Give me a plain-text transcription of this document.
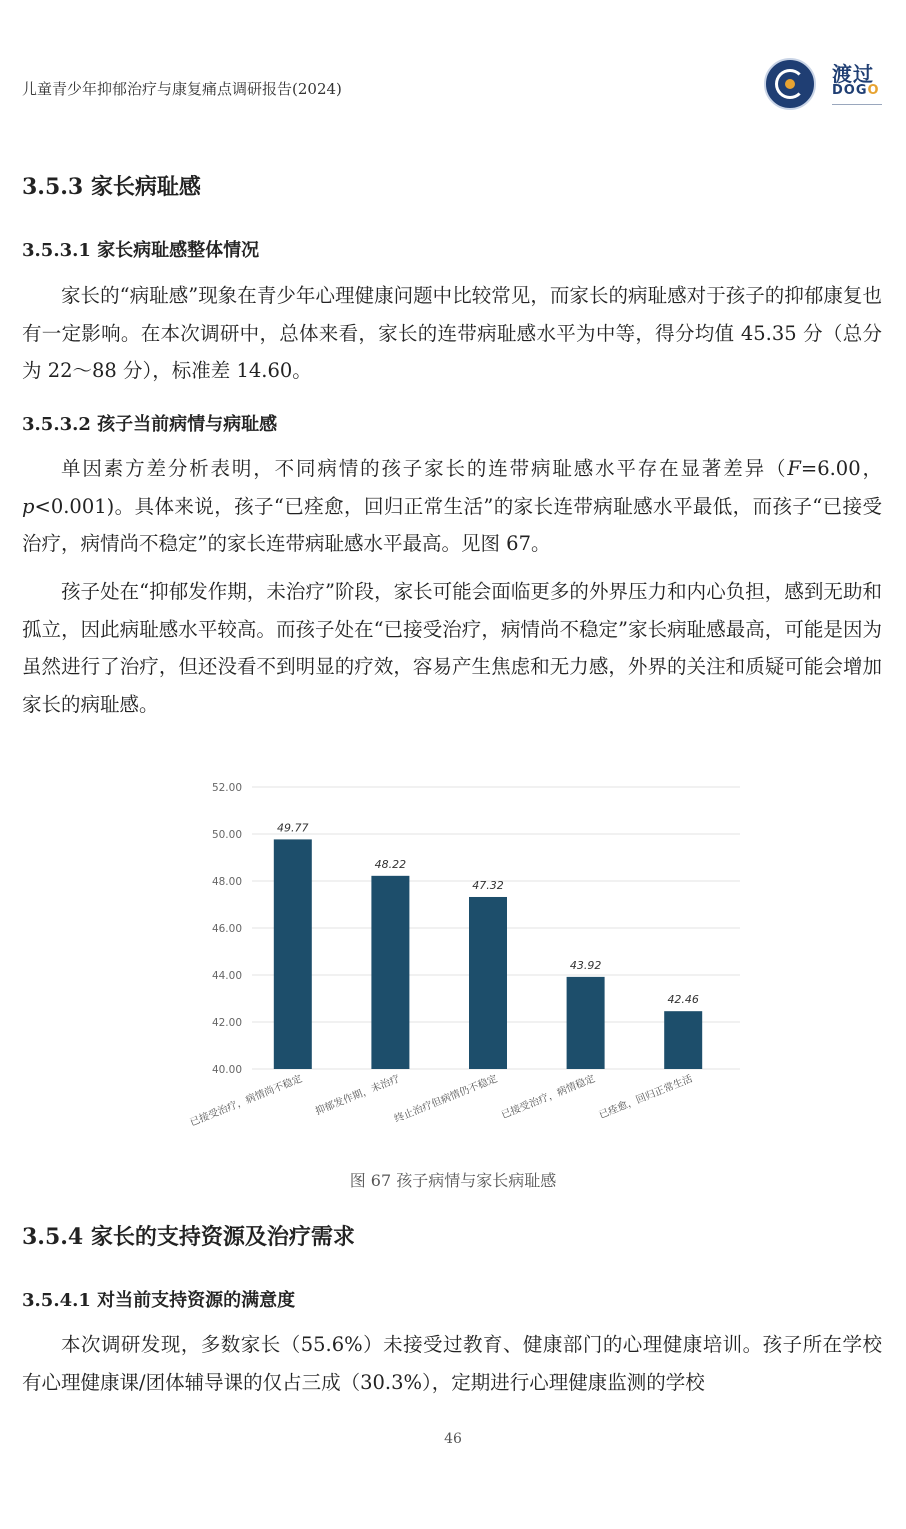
儿童青少年抑郁治疗与康复痛点调研报告(2024)
渡过
DOGO
3.5.3 家长病耻感
3.5.3.1 家长病耻感整体情况

家长的“病耻感”现象在青少年心理健康问题中比较常见，而家长的病耻感对于孩子的抑郁康复也有一定影响。在本次调研中，总体来看，家长的连带病耻感水平为中等，得分均值 45.35 分（总分为 22～88 分），标准差 14.60。

3.5.3.2 孩子当前病情与病耻感

单因素方差分析表明，不同病情的孩子家长的连带病耻感水平存在显著差异（F=6.00，p<0.001)。具体来说，孩子“已痊愈，回归正常生活”的家长连带病耻感水平最低，而孩子“已接受治疗，病情尚不稳定”的家长连带病耻感水平最高。见图 67。

孩子处在“抑郁发作期，未治疗”阶段，家长可能会面临更多的外界压力和内心负担，感到无助和孤立，因此病耻感水平较高。而孩子处在“已接受治疗，病情尚不稳定”家长病耻感最高，可能是因为虽然进行了治疗，但还没看不到明显的疗效，容易产生焦虑和无力感，外界的关注和质疑可能会增加家长的病耻感。

40.00
42.00
44.00
46.00
48.00
50.00
52.00
49.77
已接受治疗，病情尚不稳定
48.22
抑郁发作期，未治疗
47.32
终止治疗但病情仍不稳定
43.92
已接受治疗，病情稳定
42.46
已痊愈，回归正常生活
图 67 孩子病情与家长病耻感
3.5.4 家长的支持资源及治疗需求
3.5.4.1 对当前支持资源的满意度

本次调研发现，多数家长（55.6%）未接受过教育、健康部门的心理健康培训。孩子所在学校有心理健康课/团体辅导课的仅占三成（30.3%），定期进行心理健康监测的学校

46
